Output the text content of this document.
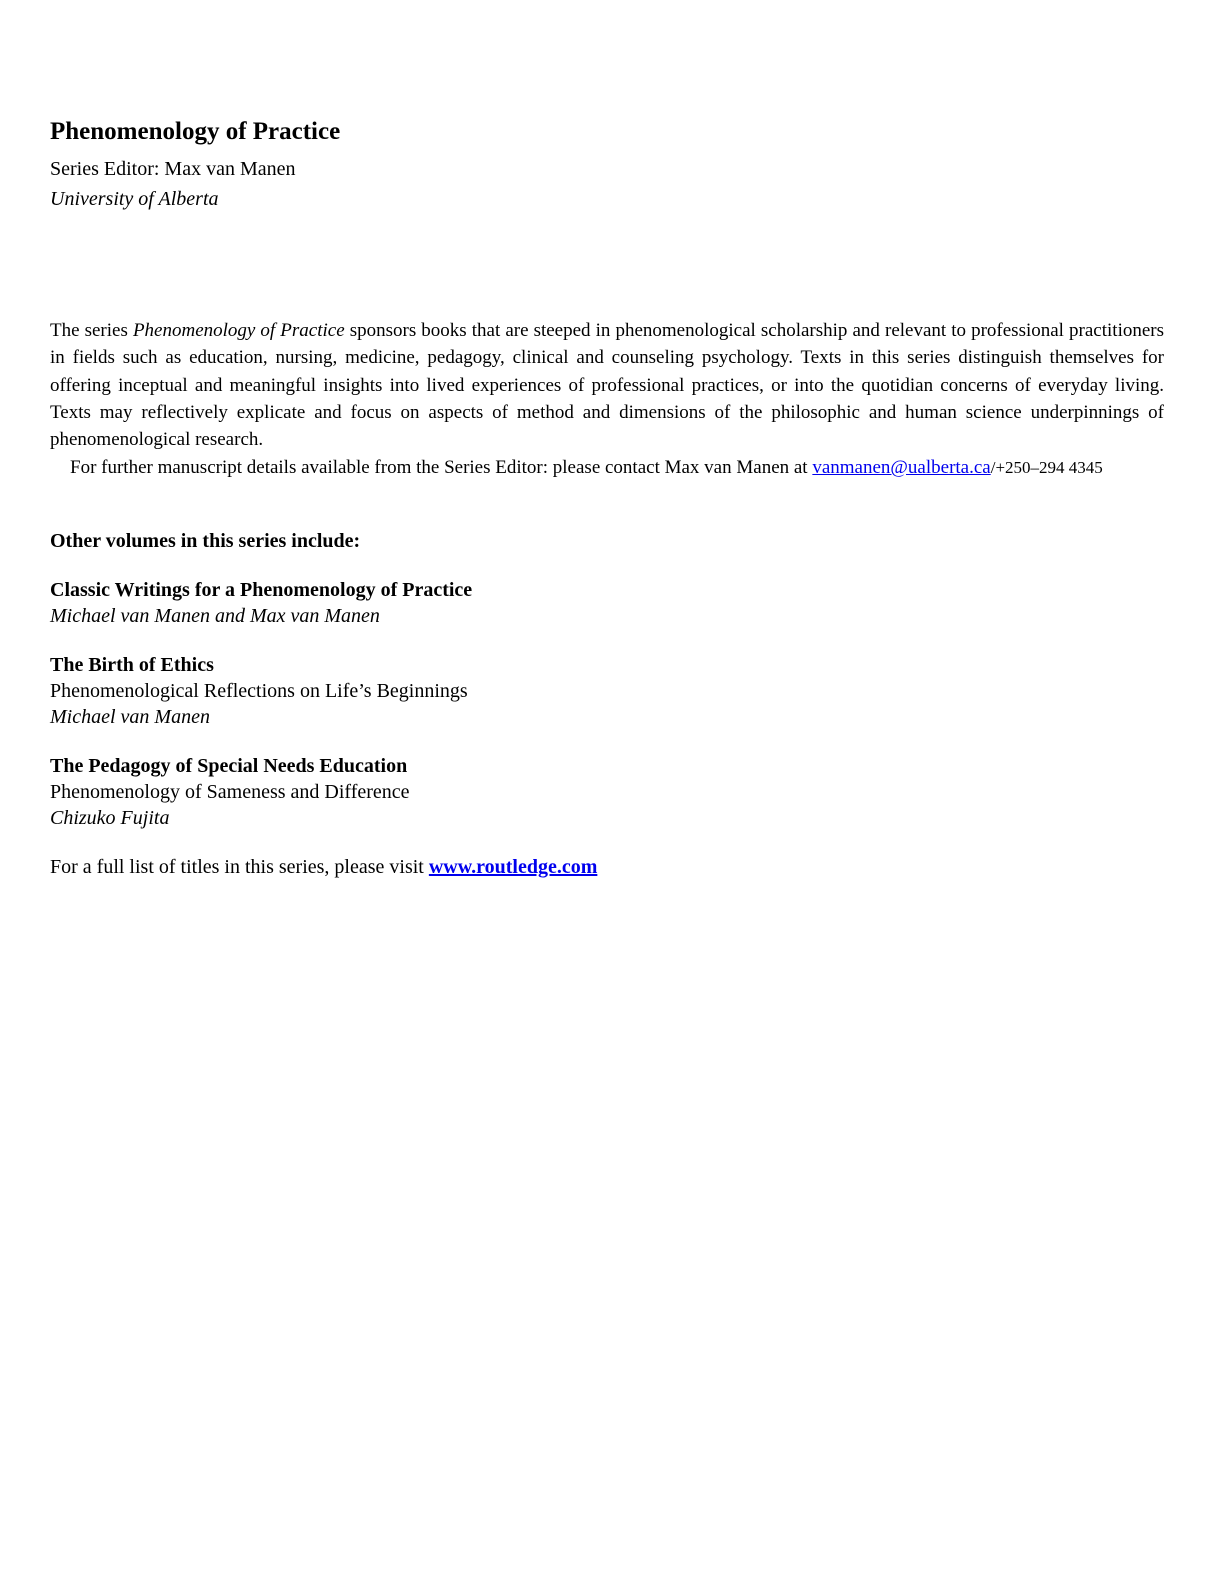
Phenomenology of Practice
Series Editor: Max van Manen
University of Alberta

The series Phenomenology of Practice sponsors books that are steeped in phenomenological scholarship and relevant to professional practitioners in fields such as education, nursing, medicine, pedagogy, clinical and counseling psychology. Texts in this series distinguish themselves for offering inceptual and meaningful insights into lived experiences of professional practices, or into the quotidian concerns of everyday living. Texts may reflectively explicate and focus on aspects of method and dimensions of the philosophic and human science underpinnings of phenomenological research.

For further manuscript details available from the Series Editor: please contact Max van Manen at vanmanen@ualberta.ca/+250–294 4345

Other volumes in this series include:
Classic Writings for a Phenomenology of Practice
Michael van Manen and Max van Manen
The Birth of Ethics
Phenomenological Reflections on Life’s Beginnings
Michael van Manen
The Pedagogy of Special Needs Education
Phenomenology of Sameness and Difference
Chizuko Fujita
For a full list of titles in this series, please visit www.routledge.com
